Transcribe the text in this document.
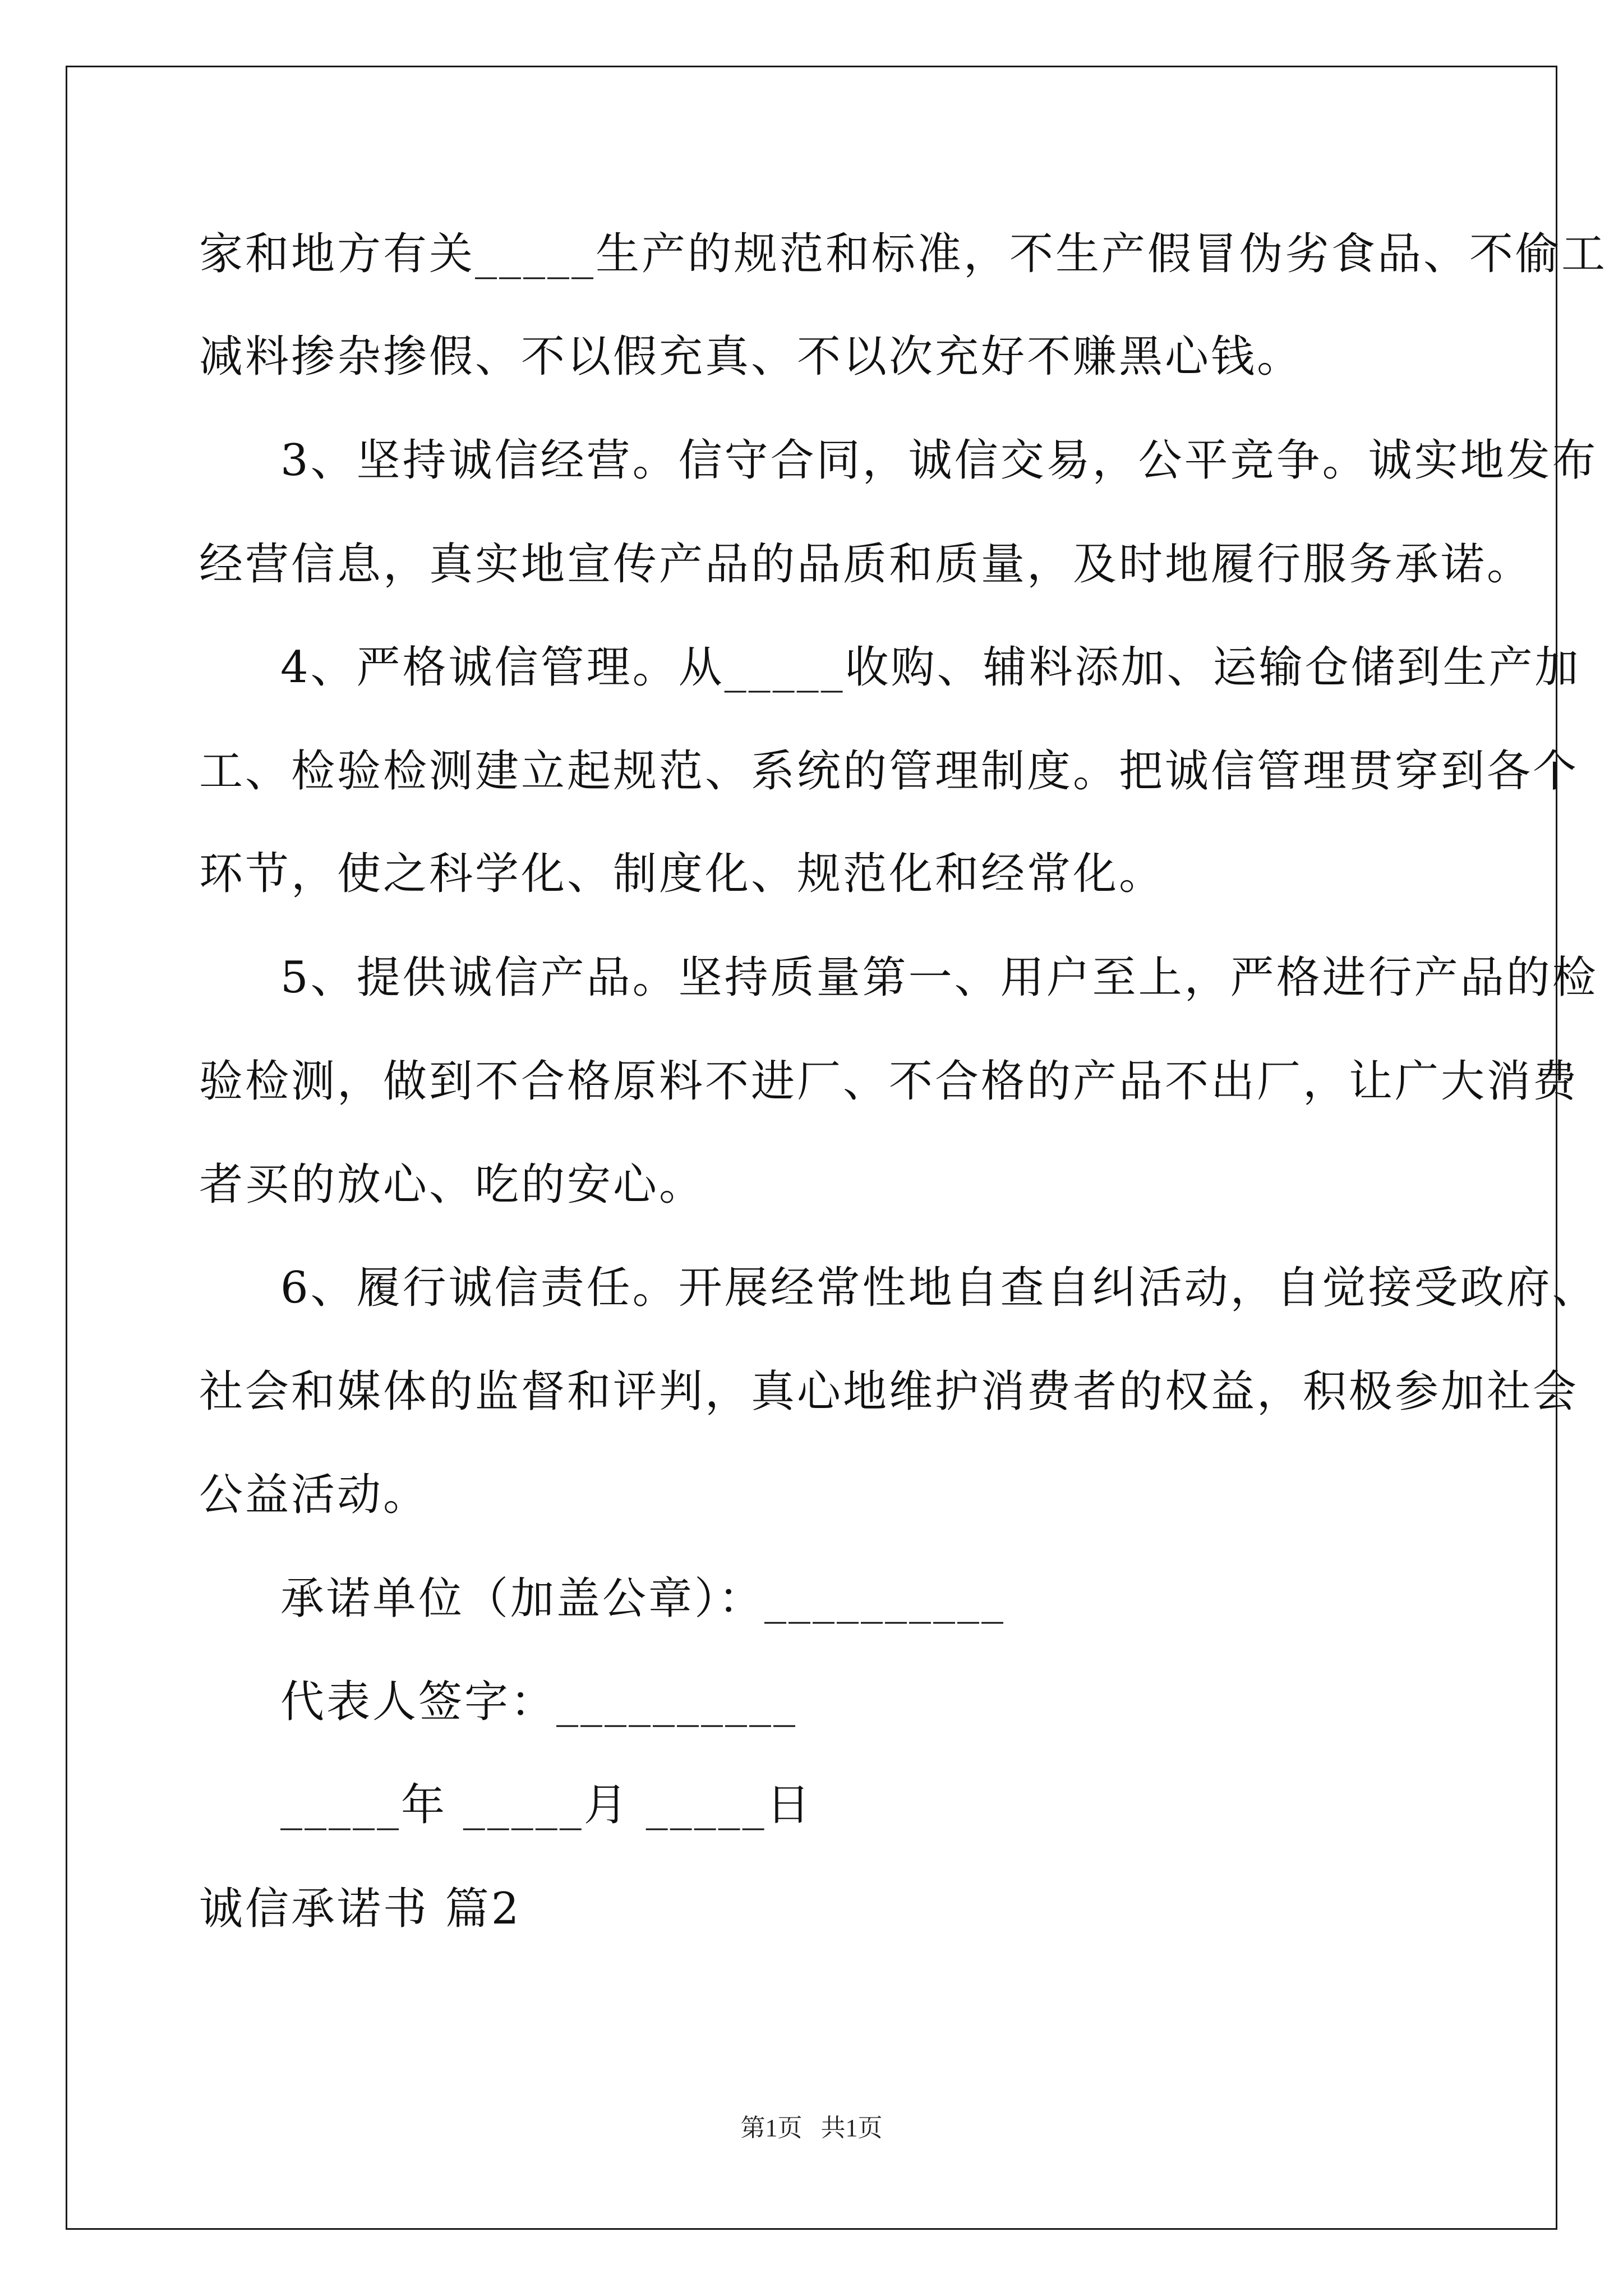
家和地方有关_____生产的规范和标准，不生产假冒伪劣食品、不偷工
减料掺杂掺假、不以假充真、不以次充好不赚黑心钱。
3、坚持诚信经营。信守合同，诚信交易，公平竞争。诚实地发布
经营信息，真实地宣传产品的品质和质量，及时地履行服务承诺。
4、严格诚信管理。从_____收购、辅料添加、运输仓储到生产加
工、检验检测建立起规范、系统的管理制度。把诚信管理贯穿到各个
环节，使之科学化、制度化、规范化和经常化。
5、提供诚信产品。坚持质量第一、用户至上，严格进行产品的检
验检测，做到不合格原料不进厂、不合格的产品不出厂，让广大消费
者买的放心、吃的安心。
6、履行诚信责任。开展经常性地自查自纠活动，自觉接受政府、
社会和媒体的监督和评判，真心地维护消费者的权益，积极参加社会
公益活动。
承诺单位（加盖公章）：__________
代表人签字：__________
_____年 _____月 _____日
诚信承诺书 篇2
第1页   共1页
